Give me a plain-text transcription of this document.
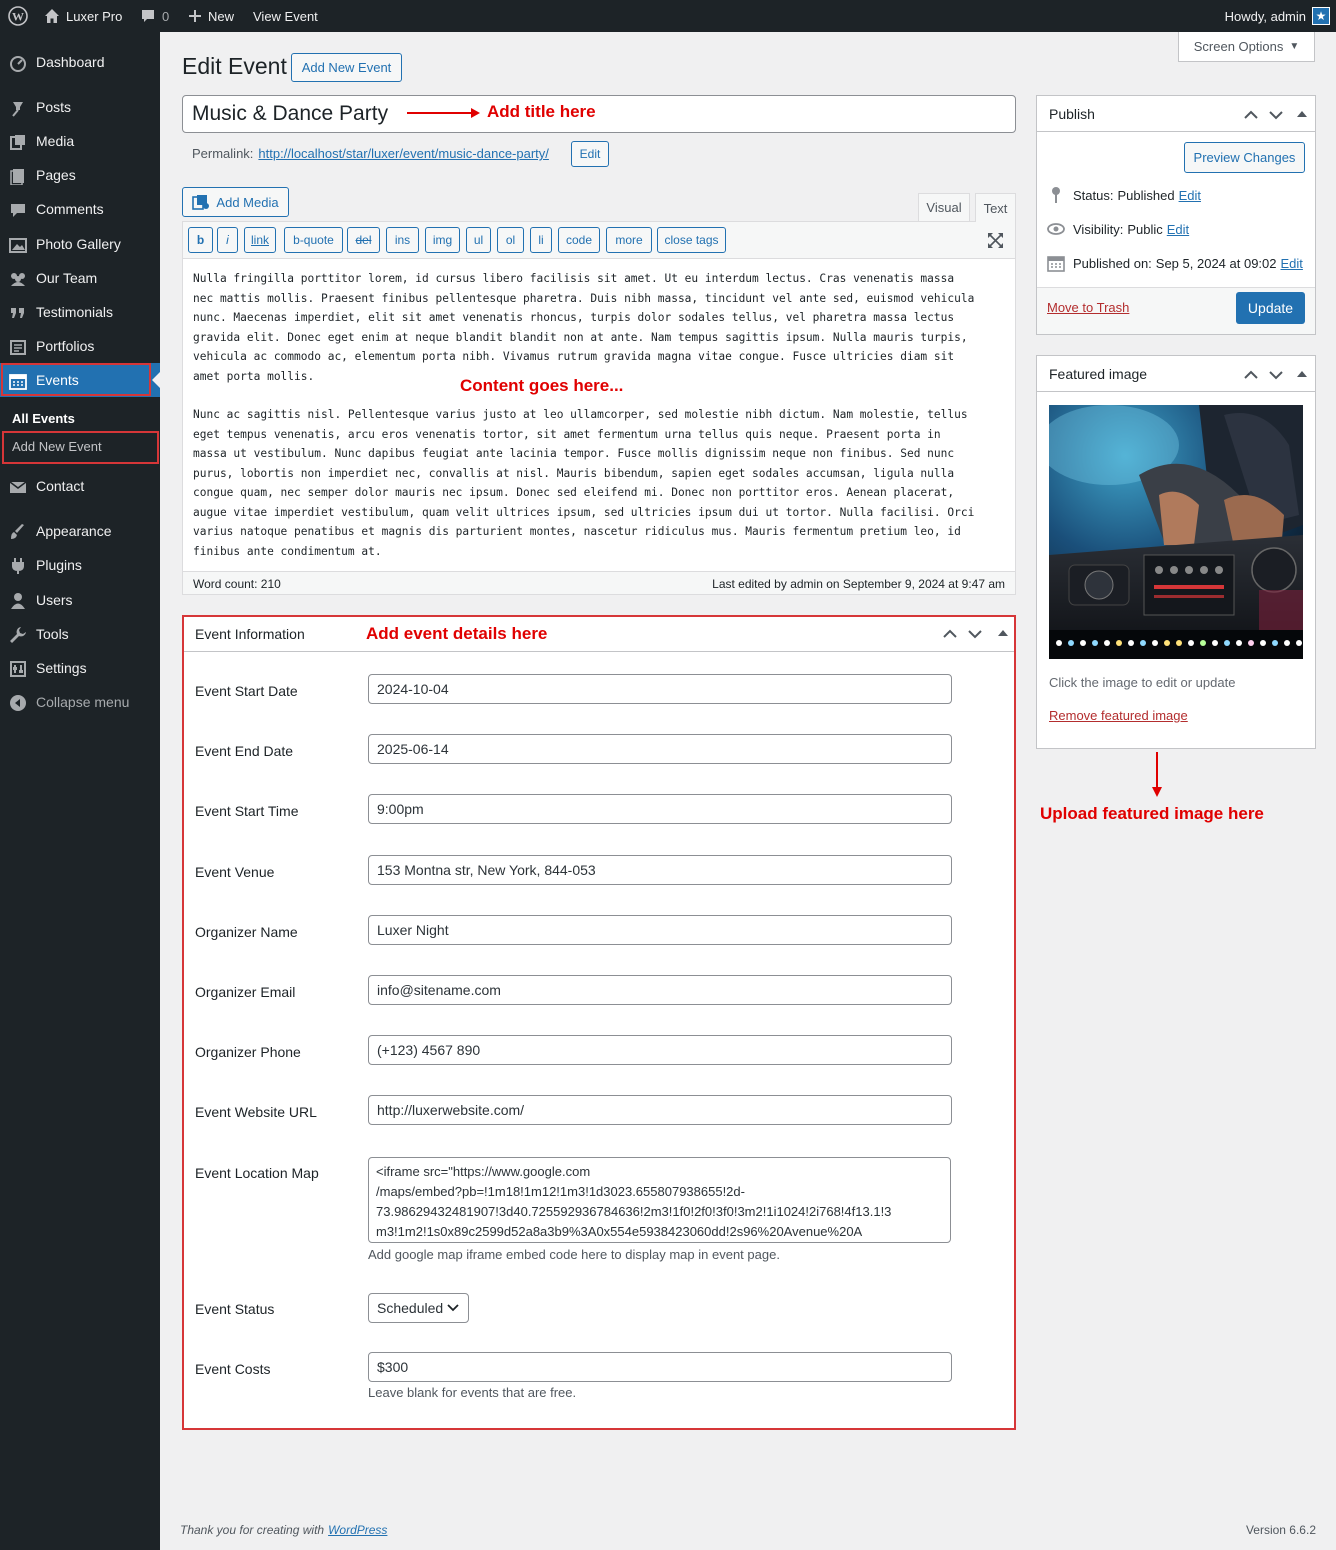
W	Luxer Pro	0	New View Event	Howdy, admin ★
Dashboard
Posts
Media
Pages
Comments
Photo Gallery
Our Team
Testimonials
Portfolios
Events
Contact
Appearance
Plugins
Users
Tools
Settings
Collapse menu
All Events
Add New Event
Screen Options ▼
Edit Event	Add New Event
Music & Dance Party	Add title here
Permalink: http://localhost/star/luxer/event/music-dance-party/	Edit
Add Media	Visual	Text
b	i	link	b-quote	del	ins	img	ul	ol	li	code	more	close tags
Nulla fringilla porttitor lorem, id cursus libero facilisis sit amet. Ut eu interdum lectus. Cras venenatis massa
nec mattis mollis. Praesent finibus pellentesque pharetra. Duis nibh massa, tincidunt vel ante sed, euismod vehicula
nunc. Maecenas imperdiet, elit sit amet venenatis rhoncus, turpis dolor sodales tellus, vel pharetra massa lectus
gravida elit. Donec eget enim at neque blandit blandit non at ante. Nam tempus sagittis ipsum. Nulla mauris turpis,
vehicula ac commodo ac, elementum porta nibh. Vivamus rutrum gravida magna vitae congue. Fusce ultricies diam sit
amet porta mollis.	Content goes here...
Nunc ac sagittis nisl. Pellentesque varius justo at leo ullamcorper, sed molestie nibh dictum. Nam molestie, tellus
eget tempus venenatis, arcu eros venenatis tortor, sit amet fermentum urna tellus quis neque. Praesent porta in
massa ut vestibulum. Nunc dapibus feugiat ante lacinia tempor. Fusce mollis dignissim neque non finibus. Sed nunc
purus, lobortis non imperdiet nec, convallis at nisl. Mauris bibendum, sapien eget sodales accumsan, ligula nulla
congue quam, nec semper dolor mauris nec ipsum. Donec sed eleifend mi. Donec non porttitor eros. Aenean placerat,
augue vitae imperdiet vestibulum, quam velit ultrices ipsum, sed ultricies ipsum dui ut tortor. Nulla facilisi. Orci
varius natoque penatibus et magnis dis parturient montes, nascetur ridiculus mus. Mauris fermentum pretium leo, id
finibus ante condimentum at.
Word count: 210	Last edited by admin on September 9, 2024 at 9:47 am
Event Information	Add event details here
Event Start Date	2024-10-04
Event End Date	2025-06-14
Event Start Time	9:00pm
Event Venue	153 Montna str, New York, 844-053
Organizer Name	Luxer Night
Organizer Email	info@sitename.com
Organizer Phone	(+123) 4567 890
Event Website URL	http://luxerwebsite.com/
Event Location Map	<iframe src="https://www.google.com
/maps/embed?pb=!1m18!1m12!1m3!1d3023.655807938655!2d-
73.98629432481907!3d40.725592936784636!2m3!1f0!2f0!3f0!3m2!1i1024!2i768!4f13.1!3
m3!1m2!1s0x89c2599d52a8a3b9%3A0x554e5938423060dd!2s96%20Avenue%20A
Add google map iframe embed code here to display map in event page.
Event Status	Scheduled
Event Costs	$300
Leave blank for events that are free.
Publish
Preview Changes
Status: Published Edit
Visibility: Public Edit
Published on: Sep 5, 2024 at 09:02 Edit
Move to Trash	Update
Featured image
Click the image to edit or update
Remove featured image
Upload featured image here
Thank you for creating with WordPress	Version 6.6.2
